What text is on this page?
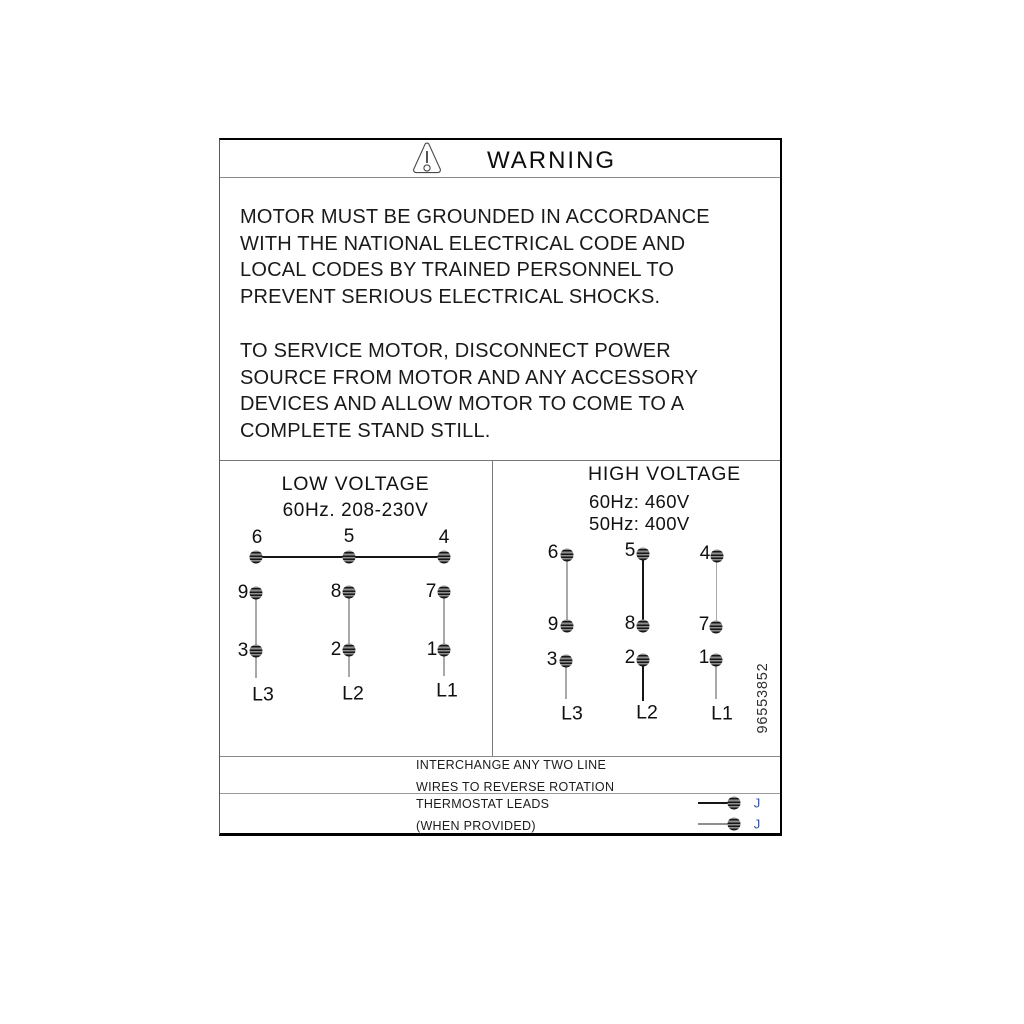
WARNING
MOTOR MUST BE GROUNDED IN ACCORDANCE
WITH THE NATIONAL ELECTRICAL CODE AND
LOCAL CODES BY TRAINED PERSONNEL TO
PREVENT SERIOUS ELECTRICAL SHOCKS.
TO SERVICE MOTOR, DISCONNECT POWER
SOURCE FROM MOTOR AND ANY ACCESSORY
DEVICES AND ALLOW MOTOR TO COME TO A
COMPLETE STAND STILL.
LOW VOLTAGE
60Hz. 208-230V
6	5	4
9	8	7
3	2	1
L3	L2	L1
HIGH VOLTAGE
60Hz: 460V
50Hz: 400V
6	5	4
9	8	7
3	2	1
L3	L2	L1 96553852
INTERCHANGE ANY TWO LINE
WIRES TO REVERSE ROTATION
THERMOSTAT LEADS
(WHEN PROVIDED)
J
J
